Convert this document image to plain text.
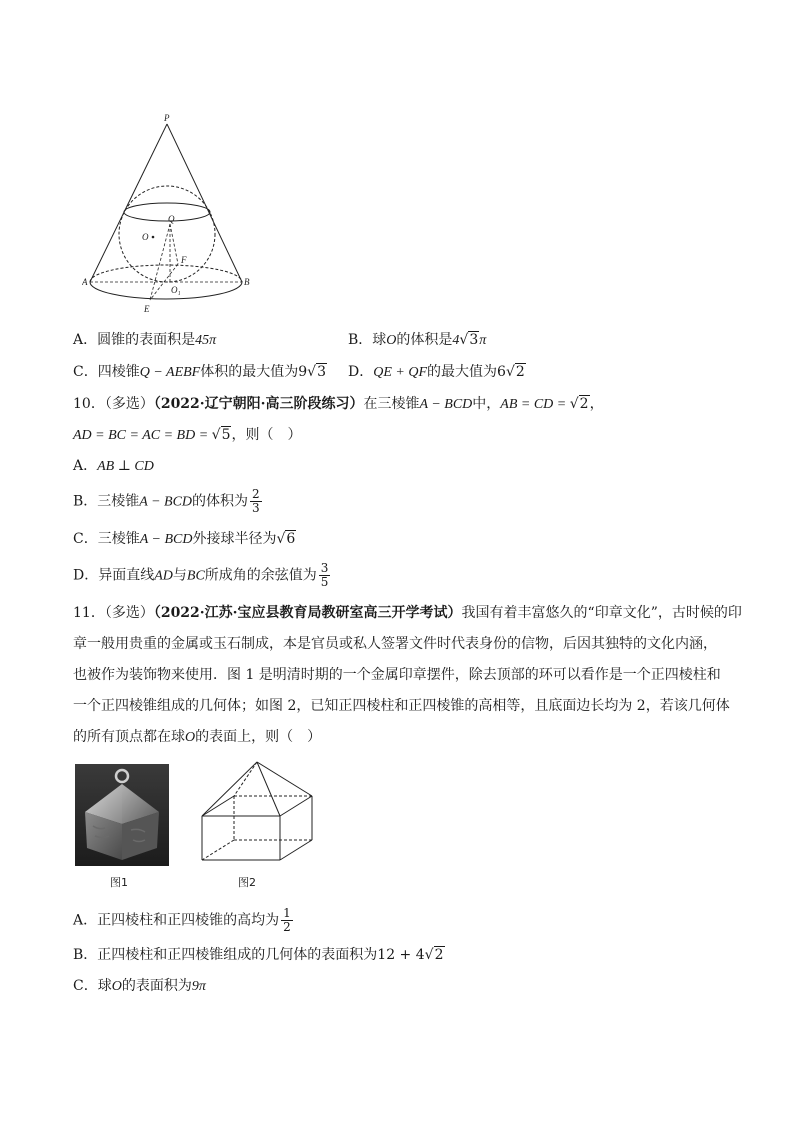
P
Q
O
F
A	B
O₁
E
A．圆锥的表面积是45π	B．球O的体积是4√3π
C．四棱锥Q − AEBF体积的最大值为9√3 D．QE + QF的最大值为6√2
10．（多选）（2022·辽宁朝阳·高三阶段练习）在三棱锥A − BCD中，AB = CD = √2，
AD = BC = AC = BD = √5，则（　）
A．AB ⊥ CD
B．三棱锥A − BCD的体积为 $\frac{2}{3}$
C．三棱锥A − BCD外接球半径为√6
D．异面直线AD与BC所成角的余弦值为 $\frac{3}{5}$
11．（多选）（2022·江苏·宝应县教育局教研室高三开学考试）我国有着丰富悠久的“印章文化”，古时候的印
章一般用贵重的金属或玉石制成，本是官员或私人签署文件时代表身份的信物，后因其独特的文化内涵，
也被作为装饰物来使用．图 1 是明清时期的一个金属印章摆件，除去顶部的环可以看作是一个正四棱柱和
一个正四棱锥组成的几何体；如图 2，已知正四棱柱和正四棱锥的高相等，且底面边长均为 2，若该几何体
的所有顶点都在球O的表面上，则（　）
图1	图2
A．正四棱柱和正四棱锥的高均为 $\frac{1}{2}$
B．正四棱柱和正四棱锥组成的几何体的表面积为12 + 4√2
C．球O的表面积为9π
